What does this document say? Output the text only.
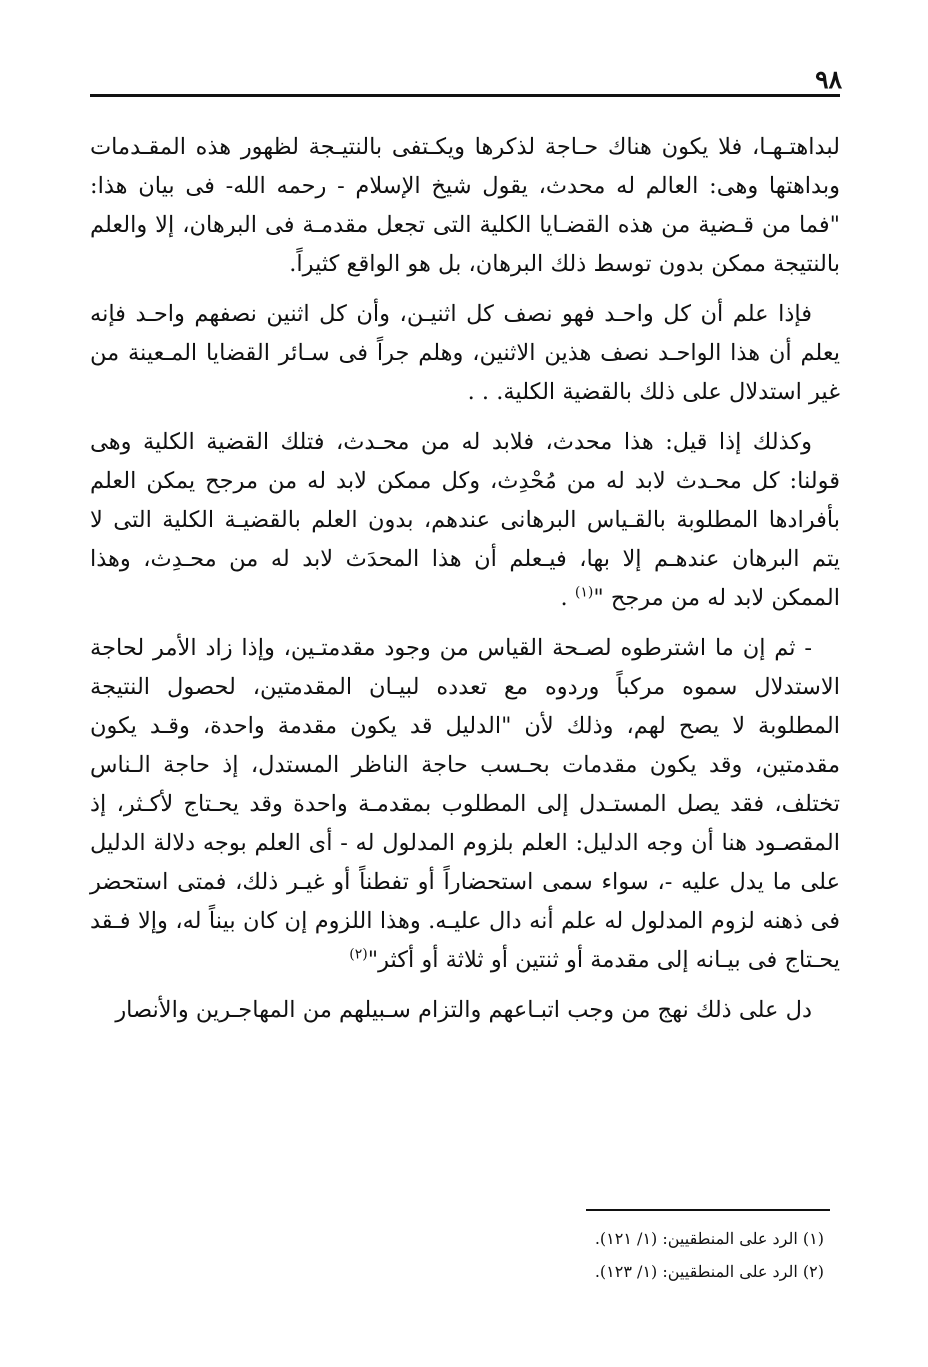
٩٨

لبداهتـهـا، فلا يكون هناك حـاجة لذكرها ويكـتفى بالنتيـجة لظهور هذه المقـدمات وبداهتها وهى: العالم له محدث، يقول شيخ الإسلام - رحمه الله- فى بيان هذا: "فما من قـضية من هذه القضـايا الكلية التى تجعل مقدمـة فى البرهان، إلا والعلم بالنتيجة ممكن بدون توسط ذلك البرهان، بل هو الواقع كثيراً.

فإذا علم أن كل واحـد فهو نصف كل اثنيـن، وأن كل اثنين نصفهم واحـد فإنه يعلم أن هذا الواحـد نصف هذين الاثنين، وهلم جراً فى سـائر القضايا المـعينة من غير استدلال على ذلك بالقضية الكلية. . .

وكذلك إذا قيل: هذا محدث، فلابد له من محـدث، فتلك القضية الكلية وهى قولنا: كل محـدث لابد له من مُحْدِث، وكل ممكن لابد له من مرجح يمكن العلم بأفرادها المطلوبة بالقـياس البرهانى عندهم، بدون العلم بالقضيـة الكلية التى لا يتم البرهان عندهـم إلا بها، فيـعلم أن هذا المحدَث لابد له من محـدِث، وهذا الممكن لابد له من مرجح "$^{(١)}$ .

- ثم إن ما اشترطوه لصـحة القياس من وجود مقدمتـين، وإذا زاد الأمر لحاجة الاستدلال سموه مركباً وردوه مع تعدده لبيـان المقدمتين، لحصول النتيجة المطلوبة لا يصح لهم، وذلك لأن "الدليل قد يكون مقدمة واحدة، وقـد يكون مقدمتين، وقد يكون مقدمات بحـسب حاجة الناظر المستدل، إذ حاجة الـناس تختلف، فقد يصل المستـدل إلى المطلوب بمقدمـة واحدة وقد يحـتاج لأكـثر، إذ المقصـود هنا أن وجه الدليل: العلم بلزوم المدلول له - أى العلم بوجه دلالة الدليل على ما يدل عليه -، سواء سمى استحضاراً أو تفطناً أو غيـر ذلك، فمتى استحضر فى ذهنه لزوم المدلول له علم أنه دال عليـه. وهذا اللزوم إن كان بيناً له، وإلا فـقد يحـتاج فى بيـانه إلى مقدمة أو ثنتين أو ثلاثة أو أكثر"$^{(٢)}$

دل على ذلك نهج من وجب اتبـاعهم والتزام سـبيلهم من المهاجـرين والأنصار

(١) الرد على المنطقيين: (١/ ١٢١).

(٢) الرد على المنطقيين: (١/ ١٢٣).
